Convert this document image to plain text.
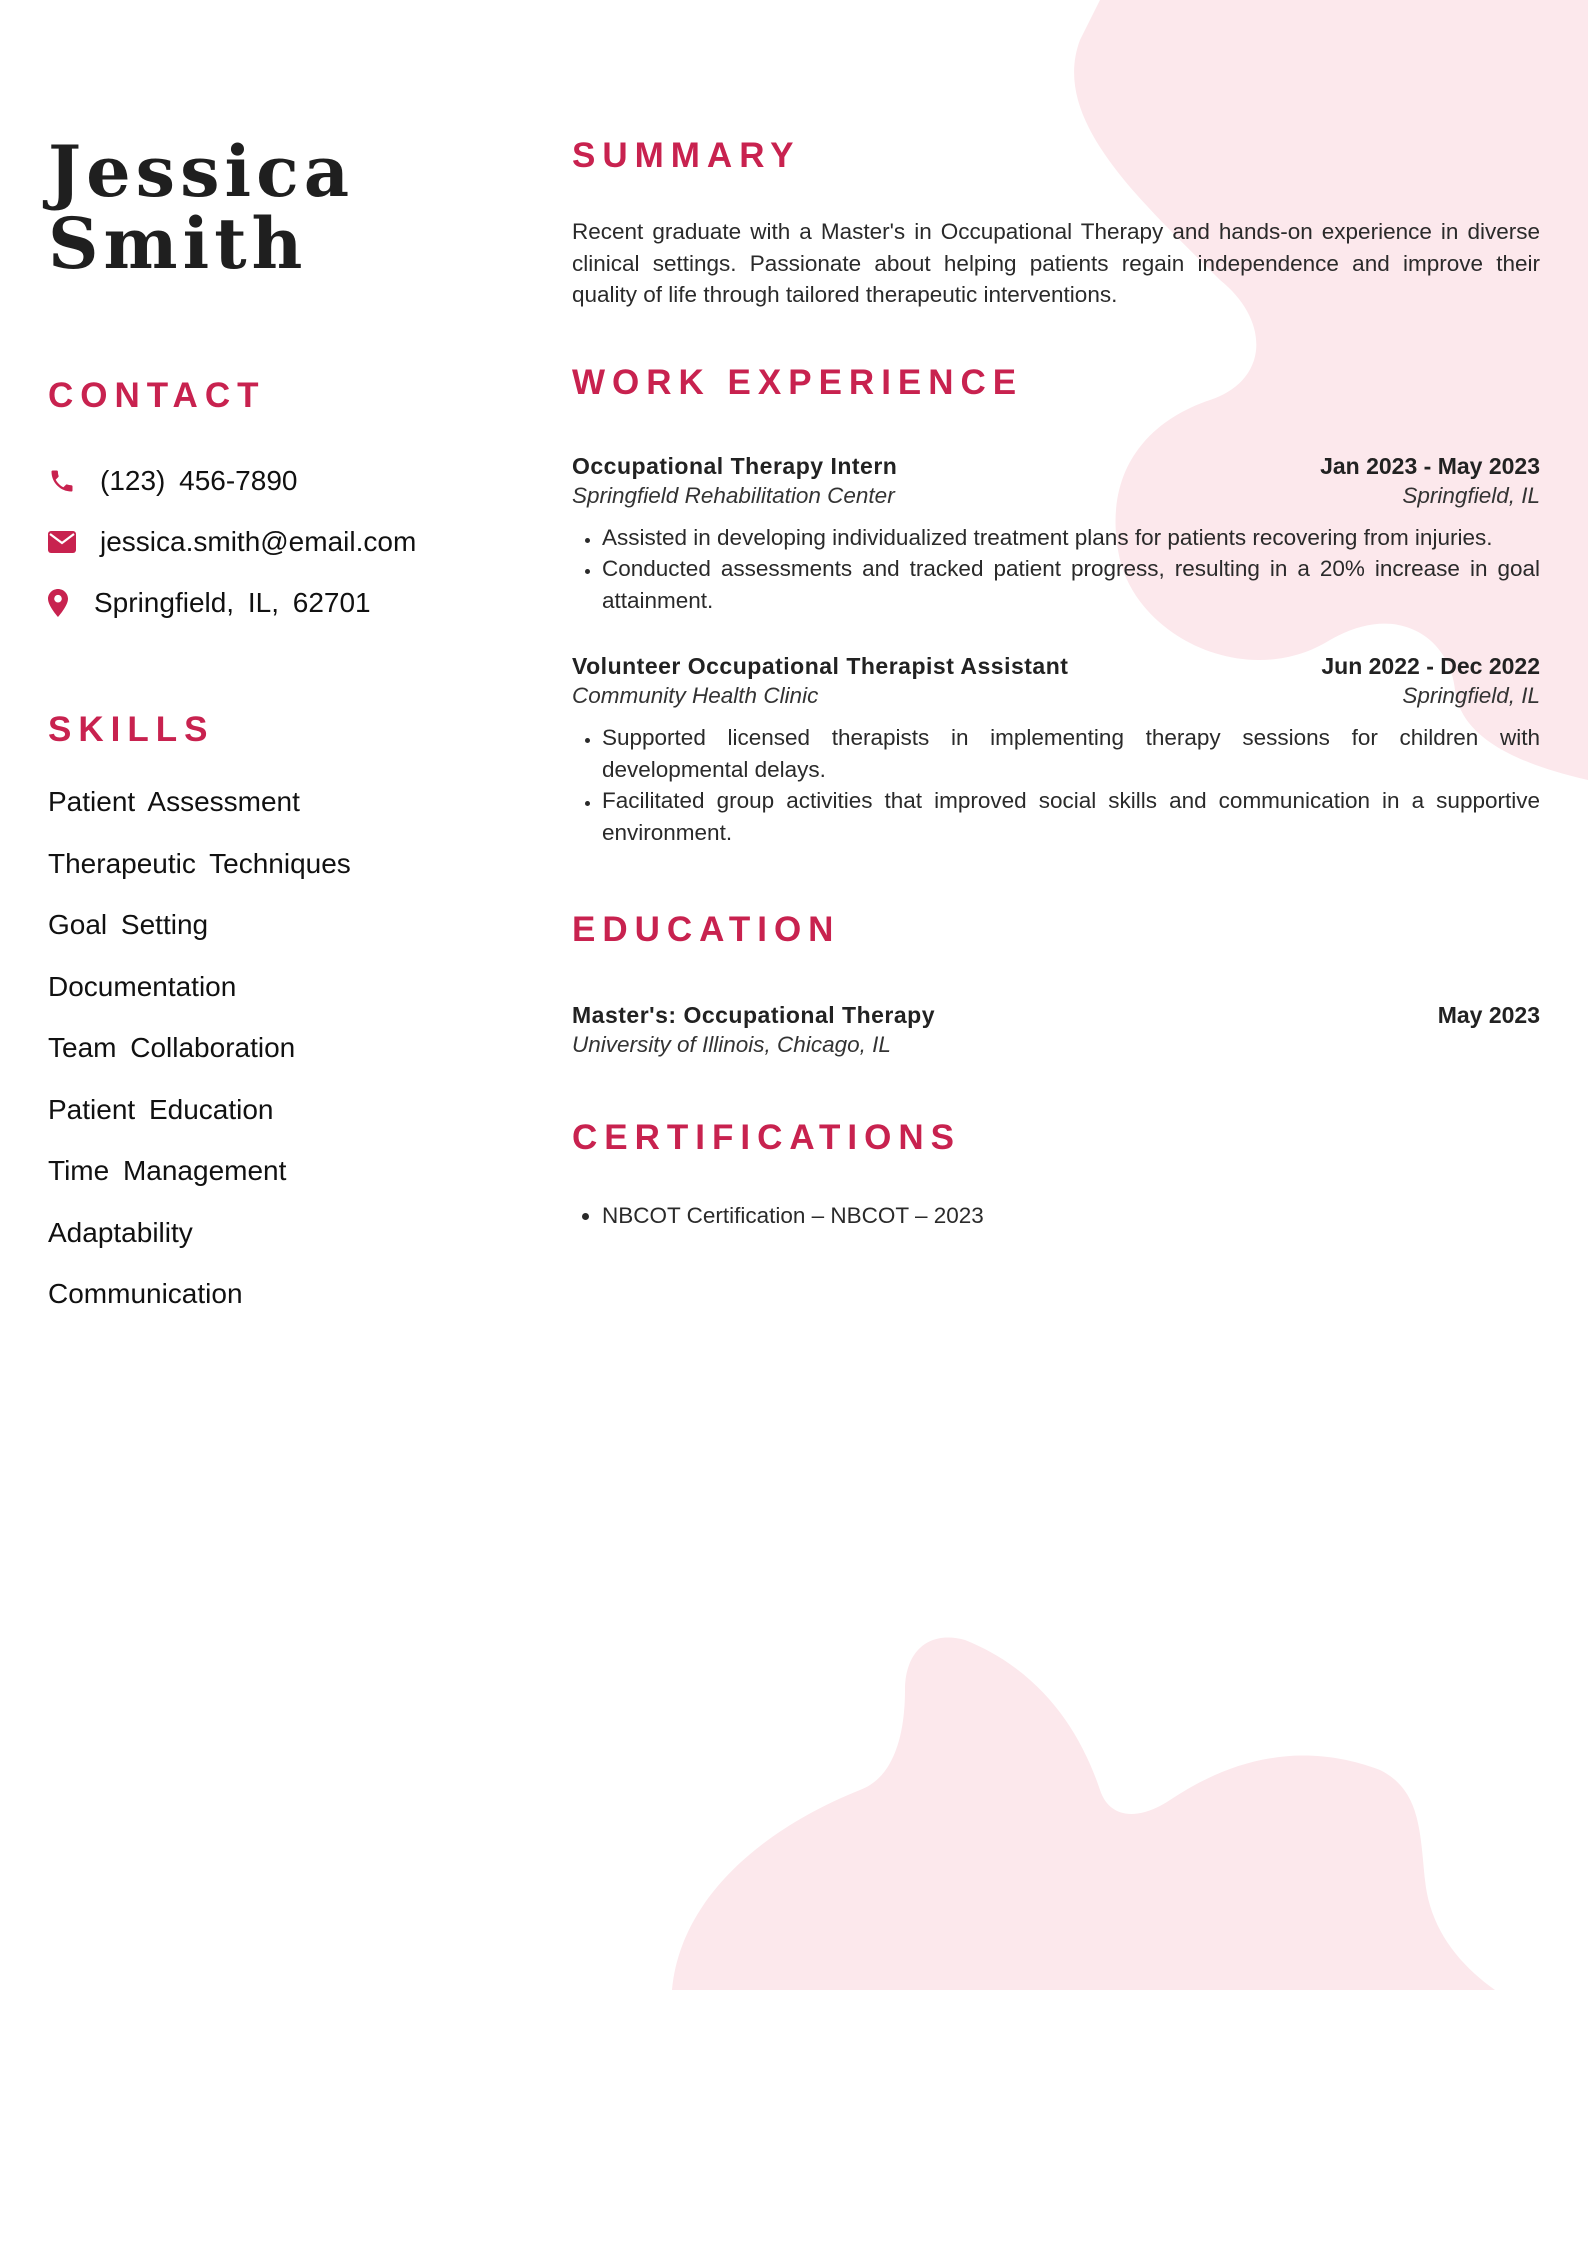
Jessica
Smith
CONTACT
(123) 456-7890
jessica.smith@email.com
Springfield, IL, 62701
SKILLS
Patient Assessment
Therapeutic Techniques
Goal Setting
Documentation
Team Collaboration
Patient Education
Time Management
Adaptability
Communication
SUMMARY

Recent graduate with a Master's in Occupational Therapy and hands-on experience in diverse clinical settings. Passionate about helping patients regain independence and improve their quality of life through tailored therapeutic interventions.

WORK EXPERIENCE
Occupational Therapy Intern	Jan 2023 - May 2023
Springfield Rehabilitation Center	Springfield, IL
• Assisted in developing individualized treatment plans for patients recovering from injuries.
• Conducted assessments and tracked patient progress, resulting in a 20% increase in goal attainment.
Volunteer Occupational Therapist Assistant	Jun 2022 - Dec 2022
Community Health Clinic	Springfield, IL
• Supported licensed therapists in implementing therapy sessions for children with developmental delays.
• Facilitated group activities that improved social skills and communication in a supportive environment.
EDUCATION
Master's: Occupational Therapy	May 2023
University of Illinois, Chicago, IL
CERTIFICATIONS
• NBCOT Certification – NBCOT – 2023
